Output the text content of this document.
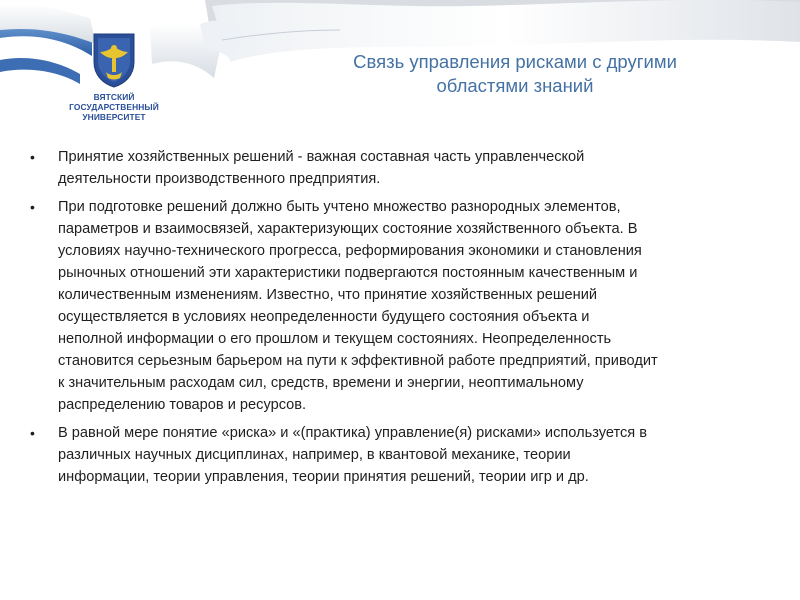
ВЯТСКИЙ
ГОСУДАРСТВЕННЫЙ
УНИВЕРСИТЕТ
Связь управления рисками с другими
областями знаний
•	Принятие хозяйственных решений - важная составная часть управленческой
деятельности производственного предприятия.
•	При подготовке решений должно быть учтено множество разнородных элементов,
параметров и взаимосвязей, характеризующих состояние хозяйственного объекта. В
условиях научно-технического прогресса, реформирования экономики и становления
рыночных отношений эти характеристики подвергаются постоянным качественным и
количественным изменениям. Известно, что принятие хозяйственных решений
осуществляется в условиях неопределенности будущего состояния объекта и
неполной информации о его прошлом и текущем состояниях. Неопределенность
становится серьезным барьером на пути к эффективной работе предприятий, приводит
к значительным расходам сил, средств, времени и энергии, неоптимальному
распределению товаров и ресурсов.
•	В равной мере понятие «риска» и «(практика) управление(я) рисками» используется в
различных научных дисциплинах, например, в квантовой механике, теории
информации, теории управления, теории принятия решений, теории игр и др.
